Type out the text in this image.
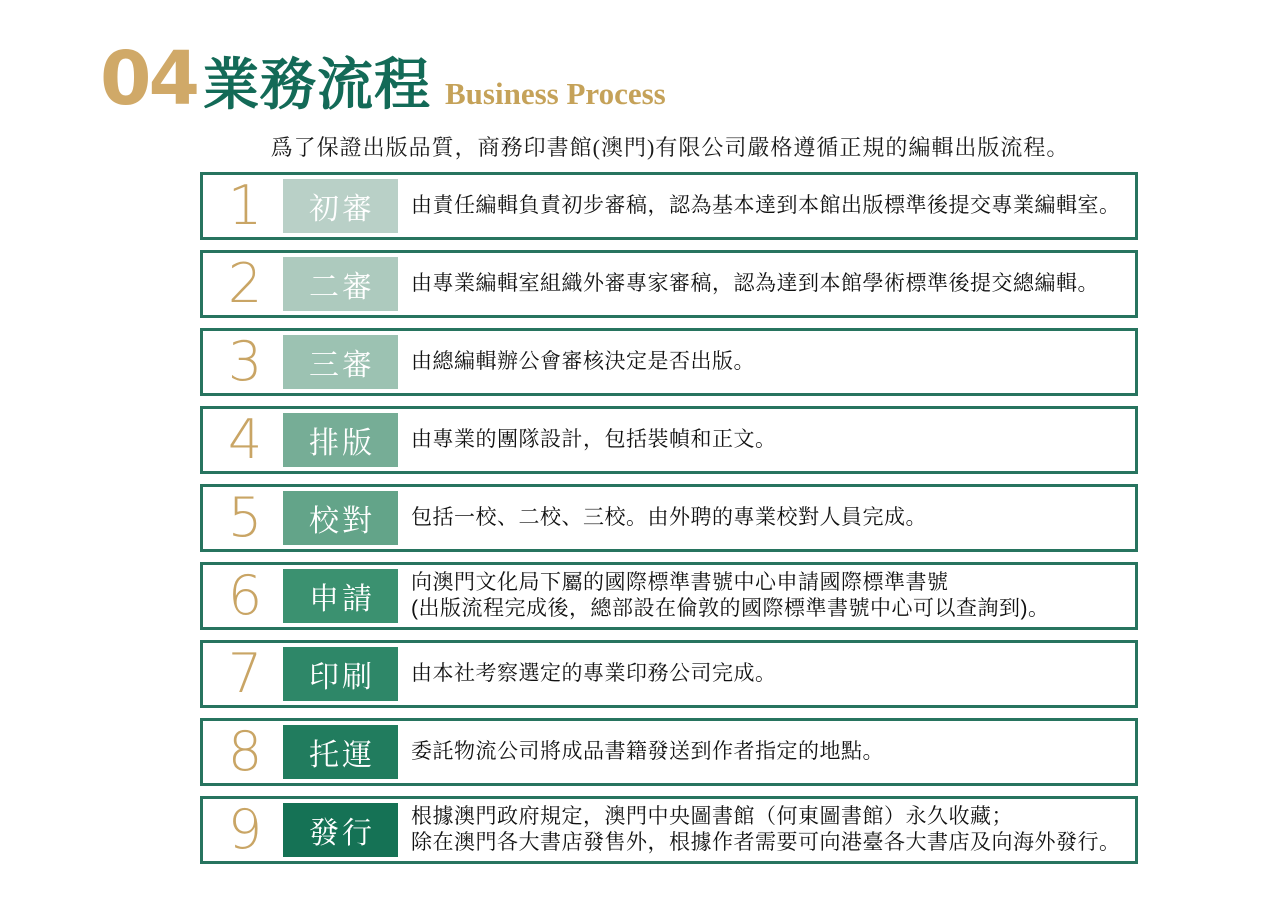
04 業務流程 Business Process
爲了保證出版品質，商務印書館(澳門)有限公司嚴格遵循正規的編輯出版流程。
1	初審 由責任編輯負責初步審稿，認為基本達到本館出版標準後提交專業編輯室。
2	二審 由專業編輯室組織外審專家審稿，認為達到本館學術標準後提交總編輯。
3	三審 由總編輯辦公會審核決定是否出版。
4	排版 由專業的團隊設計，包括裝幀和正文。
5	校對 包括一校、二校、三校。由外聘的專業校對人員完成。
6	申請
向澳門文化局下屬的國際標準書號中心申請國際標準書號
(出版流程完成後，總部設在倫敦的國際標準書號中心可以查詢到)。
7	印刷 由本社考察選定的專業印務公司完成。
8	托運 委託物流公司將成品書籍發送到作者指定的地點。
9	發行
根據澳門政府規定，澳門中央圖書館（何東圖書館）永久收藏；
除在澳門各大書店發售外，根據作者需要可向港臺各大書店及向海外發行。
